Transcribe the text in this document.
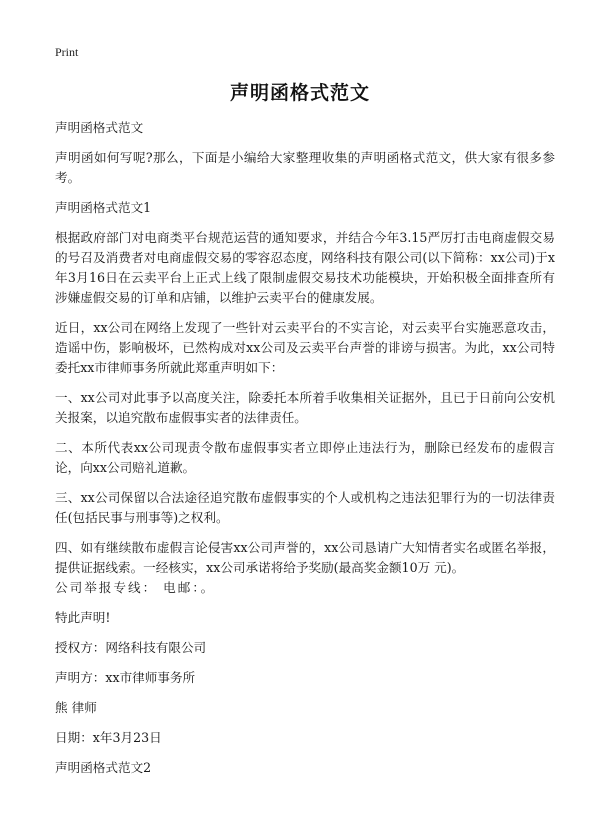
Print
声明函格式范文

声明函格式范文

声明函如何写呢?那么，下面是小编给大家整理收集的声明函格式范文，供大家有很多参考。

声明函格式范文1

根据政府部门对电商类平台规范运营的通知要求，并结合今年3.15严厉打击电商虚假交易的号召及消费者对电商虚假交易的零容忍态度，网络科技有限公司(以下简称：xx公司)于x年3月16日在云卖平台上正式上线了限制虚假交易技术功能模块，开始积极全面排查所有涉嫌虚假交易的订单和店铺，以维护云卖平台的健康发展。

近日，xx公司在网络上发现了一些针对云卖平台的不实言论，对云卖平台实施恶意攻击，造谣中伤，影响极坏，已然构成对xx公司及云卖平台声誉的诽谤与损害。为此，xx公司特委托xx市律师事务所就此郑重声明如下：

一、xx公司对此事予以高度关注，除委托本所着手收集相关证据外，且已于日前向公安机关报案，以追究散布虚假事实者的法律责任。

二、本所代表xx公司现责令散布虚假事实者立即停止违法行为，删除已经发布的虚假言论，向xx公司赔礼道歉。

三、xx公司保留以合法途径追究散布虚假事实的个人或机构之违法犯罪行为的一切法律责任(包括民事与刑事等)之权利。

四、如有继续散布虚假言论侵害xx公司声誉的，xx公司恳请广大知情者实名或匿名举报，提供证据线索。一经核实，xx公司承诺将给予奖励(最高奖金额10万 元)。

公司举报专线： 电邮：。

特此声明!

授权方：网络科技有限公司

声明方：xx市律师事务所

熊 律师

日期：x年3月23日

声明函格式范文2
